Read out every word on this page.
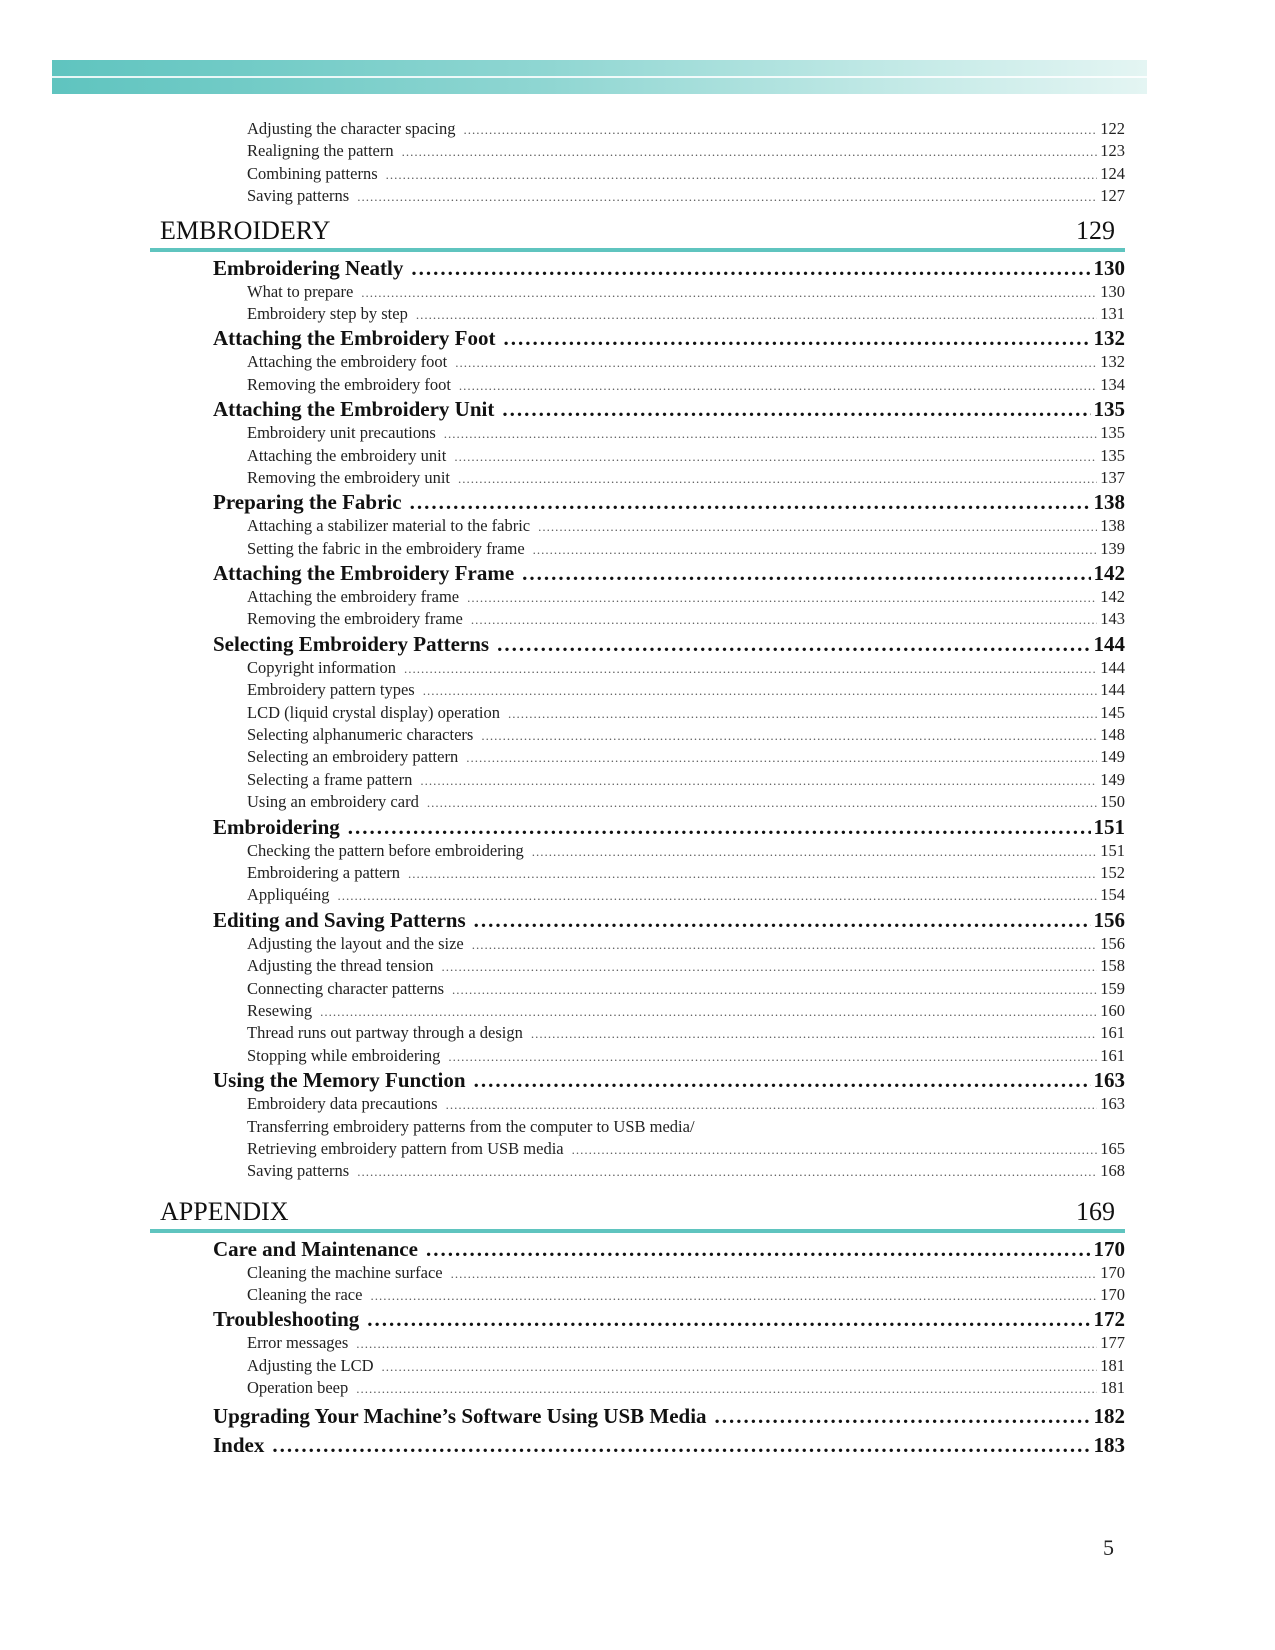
Adjusting the character spacing .....	122
Realigning the pattern .....	123
Combining patterns .....	124
Saving patterns .....	127
EMBROIDERY	129
Embroidering Neatly .....	130
What to prepare .....	130
Embroidery step by step .....	131
Attaching the Embroidery Foot .....	132
Attaching the embroidery foot .....	132
Removing the embroidery foot .....	134
Attaching the Embroidery Unit .....	135
Embroidery unit precautions .....	135
Attaching the embroidery unit .....	135
Removing the embroidery unit .....	137
Preparing the Fabric .....	138
Attaching a stabilizer material to the fabric .....	138
Setting the fabric in the embroidery frame .....	139
Attaching the Embroidery Frame .....	142
Attaching the embroidery frame .....	142
Removing the embroidery frame .....	143
Selecting Embroidery Patterns .....	144
Copyright information .....	144
Embroidery pattern types .....	144
LCD (liquid crystal display) operation .....	145
Selecting alphanumeric characters .....	148
Selecting an embroidery pattern .....	149
Selecting a frame pattern .....	149
Using an embroidery card .....	150
Embroidering .....	151
Checking the pattern before embroidering .....	151
Embroidering a pattern .....	152
Appliquéing .....	154
Editing and Saving Patterns .....	156
Adjusting the layout and the size .....	156
Adjusting the thread tension .....	158
Connecting character patterns .....	159
Resewing .....	160
Thread runs out partway through a design .....	161
Stopping while embroidering .....	161
Using the Memory Function .....	163
Embroidery data precautions .....	163
Transferring embroidery patterns from the computer to USB media/
Retrieving embroidery pattern from USB media .....	165
Saving patterns .....	168
APPENDIX	169
Care and Maintenance .....	170
Cleaning the machine surface .....	170
Cleaning the race .....	170
Troubleshooting .....	172
Error messages .....	177
Adjusting the LCD .....	181
Operation beep .....	181
Upgrading Your Machine’s Software Using USB Media .....	182
Index .....	183
5
